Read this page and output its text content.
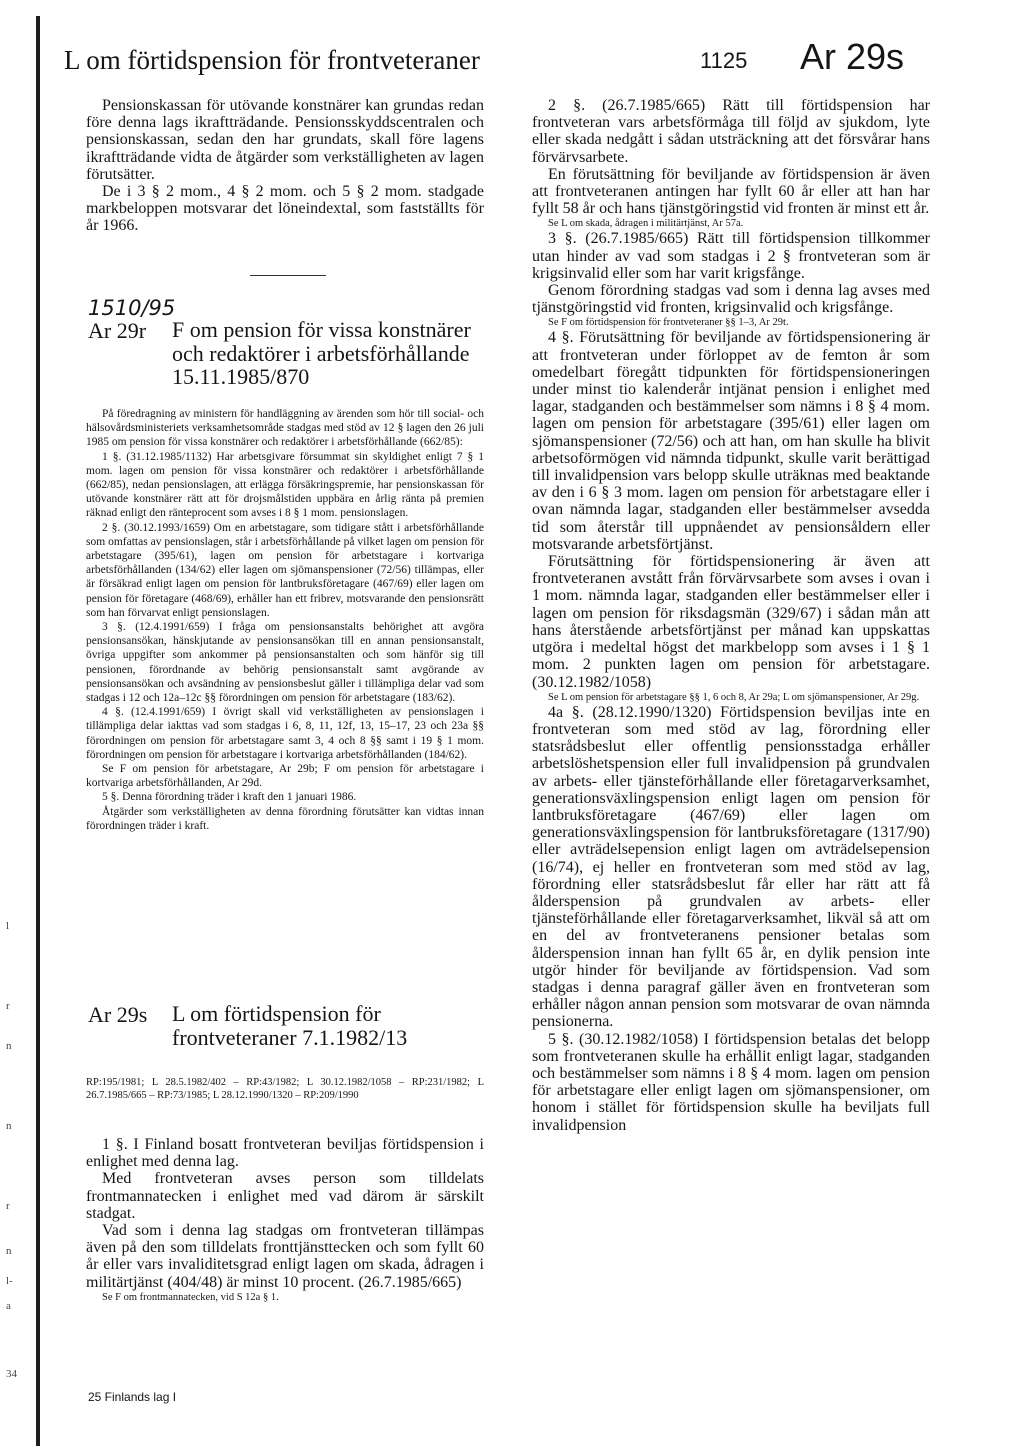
l
r
n
n
r
n
l-
a
34
L om förtidspension för frontveteraner	1125 Ar 29s

Pensionskassan för utövande konstnärer kan grundas redan före denna lags ikraftträdande. Pensionsskyddscentralen och pensionskassan, sedan den har grundats, skall före lagens ikraftträdande vidta de åtgärder som verkställigheten av lagen förutsätter.

De i 3 § 2 mom., 4 § 2 mom. och 5 § 2 mom. stadgade markbeloppen motsvarar det löneindextal, som fastställts för år 1966.

1510/95
Ar 29r F om pension för vissa konstnärer och redaktörer i arbetsförhållande 15.11.1985/870

På föredragning av ministern för handläggning av ärenden som hör till social- och hälsovårdsministeriets verksamhetsområde stadgas med stöd av 12 § lagen den 26 juli 1985 om pension för vissa konstnärer och redaktörer i arbetsförhållande (662/85):

1 §. (31.12.1985/1132) Har arbetsgivare försummat sin skyldighet enligt 7 § 1 mom. lagen om pension för vissa konstnärer och redaktörer i arbetsförhållande (662/85), nedan pensionslagen, att erlägga försäkringspremie, har pensionskassan för utövande konstnärer rätt att för drojsmålstiden uppbära en årlig ränta på premien räknad enligt den ränteprocent som avses i 8 § 1 mom. pensionslagen.

2 §. (30.12.1993/1659) Om en arbetstagare, som tidigare stått i arbetsförhållande som omfattas av pensionslagen, står i arbetsförhållande på vilket lagen om pension för arbetstagare (395/61), lagen om pension för arbetstagare i kortvariga arbetsförhållanden (134/62) eller lagen om sjömanspensioner (72/56) tillämpas, eller är försäkrad enligt lagen om pension för lantbruksföretagare (467/69) eller lagen om pension för företagare (468/69), erhåller han ett fribrev, motsvarande den pensionsrätt som han förvarvat enligt pensionslagen.

3 §. (12.4.1991/659) I fråga om pensionsanstalts behörighet att avgöra pensionsansökan, hänskjutande av pensionsansökan till en annan pensionsanstalt, övriga uppgifter som ankommer på pensionsanstalten och som hänför sig till pensionen, förordnande av behörig pensionsanstalt samt avgörande av pensionsansökan och avsändning av pensionsbeslut gäller i tillämpliga delar vad som stadgas i 12 och 12a–12c §§ förordningen om pension för arbetstagare (183/62).

4 §. (12.4.1991/659) I övrigt skall vid verkställigheten av pensionslagen i tillämpliga delar iakttas vad som stadgas i 6, 8, 11, 12f, 13, 15–17, 23 och 23a §§ förordningen om pension för arbetstagare samt 3, 4 och 8 §§ samt i 19 § 1 mom. förordningen om pension för arbetstagare i kortvariga arbetsförhållanden (184/62).

Se F om pension för arbetstagare, Ar 29b; F om pension för arbetstagare i kortvariga arbetsförhållanden, Ar 29d.

5 §. Denna förordning träder i kraft den 1 januari 1986.

Åtgärder som verkställigheten av denna förordning förutsätter kan vidtas innan förordningen träder i kraft.

Ar 29s L om förtidspension för frontveteraner 7.1.1982/13
RP:195/1981; L 28.5.1982/402 – RP:43/1982; L 30.12.1982/1058 – RP:231/1982; L 26.7.1985/665 – RP:73/1985; L 28.12.1990/1320 – RP:209/1990

1 §. I Finland bosatt frontveteran beviljas förtidspension i enlighet med denna lag.

Med frontveteran avses person som tilldelats frontmannatecken i enlighet med vad därom är särskilt stadgat.

Vad som i denna lag stadgas om frontveteran tillämpas även på den som tilldelats fronttjänsttecken och som fyllt 60 år eller vars invaliditetsgrad enligt lagen om skada, ådragen i militärtjänst (404/48) är minst 10 procent. (26.7.1985/665)

Se F om frontmannatecken, vid S 12a § 1.

2 §. (26.7.1985/665) Rätt till förtidspension har frontveteran vars arbetsförmåga till följd av sjukdom, lyte eller skada nedgått i sådan utsträckning att det försvårar hans förvärvsarbete.

En förutsättning för beviljande av förtidspension är även att frontveteranen antingen har fyllt 60 år eller att han har fyllt 58 år och hans tjänstgöringstid vid fronten är minst ett år.

Se L om skada, ådragen i militärtjänst, Ar 57a.

3 §. (26.7.1985/665) Rätt till förtidspension tillkommer utan hinder av vad som stadgas i 2 § frontveteran som är krigsinvalid eller som har varit krigsfånge.

Genom förordning stadgas vad som i denna lag avses med tjänstgöringstid vid fronten, krigsinvalid och krigsfånge.

Se F om förtidspension för frontveteraner §§ 1–3, Ar 29t.

4 §. Förutsättning för beviljande av förtidspensionering är att frontveteran under förloppet av de femton år som omedelbart föregått tidpunkten för förtidspensioneringen under minst tio kalenderår intjänat pension i enlighet med lagar, stadganden och bestämmelser som nämns i 8 § 4 mom. lagen om pension för arbetstagare (395/61) eller lagen om sjömanspensioner (72/56) och att han, om han skulle ha blivit arbetsoförmögen vid nämnda tidpunkt, skulle varit berättigad till invalidpension vars belopp skulle uträknas med beaktande av den i 6 § 3 mom. lagen om pension för arbetstagare eller i ovan nämnda lagar, stadganden eller bestämmelser avsedda tid som återstår till uppnåendet av pensionsåldern eller motsvarande arbetsförtjänst.

Förutsättning för förtidspensionering är även att frontveteranen avstått från förvärvsarbete som avses i ovan i 1 mom. nämnda lagar, stadganden eller bestämmelser eller i lagen om pension för riksdagsmän (329/67) i sådan mån att hans återstående arbetsförtjänst per månad kan uppskattas utgöra i medeltal högst det markbelopp som avses i 1 § 1 mom. 2 punkten lagen om pension för arbetstagare. (30.12.1982/1058)

Se L om pension för arbetstagare §§ 1, 6 och 8, Ar 29a; L om sjömanspensioner, Ar 29g.

4a §. (28.12.1990/1320) Förtidspension beviljas inte en frontveteran som med stöd av lag, förordning eller statsrådsbeslut eller offentlig pensionsstadga erhåller arbetslöshetspension eller full invalidpension på grundvalen av arbets- eller tjänsteförhållande eller företagarverksamhet, generationsväxlingspension enligt lagen om pension för lantbruksföretagare (467/69) eller lagen om generationsväxlingspension för lantbruksföretagare (1317/90) eller avträdelsepension enligt lagen om avträdelsepension (16/74), ej heller en frontveteran som med stöd av lag, förordning eller statsrådsbeslut får eller har rätt att få ålderspension på grundvalen av arbets- eller tjänsteförhållande eller företagarverksamhet, likväl så att om en del av frontveteranens pensioner betalas som ålderspension innan han fyllt 65 år, en dylik pension inte utgör hinder för beviljande av förtidspension. Vad som stadgas i denna paragraf gäller även en frontveteran som erhåller någon annan pension som motsvarar de ovan nämnda pensionerna.

5 §. (30.12.1982/1058) I förtidspension betalas det belopp som frontveteranen skulle ha erhållit enligt lagar, stadganden och bestämmelser som nämns i 8 § 4 mom. lagen om pension för arbetstagare eller enligt lagen om sjömanspensioner, om honom i stället för förtidspension skulle ha beviljats full invalidpension

25 Finlands lag I
